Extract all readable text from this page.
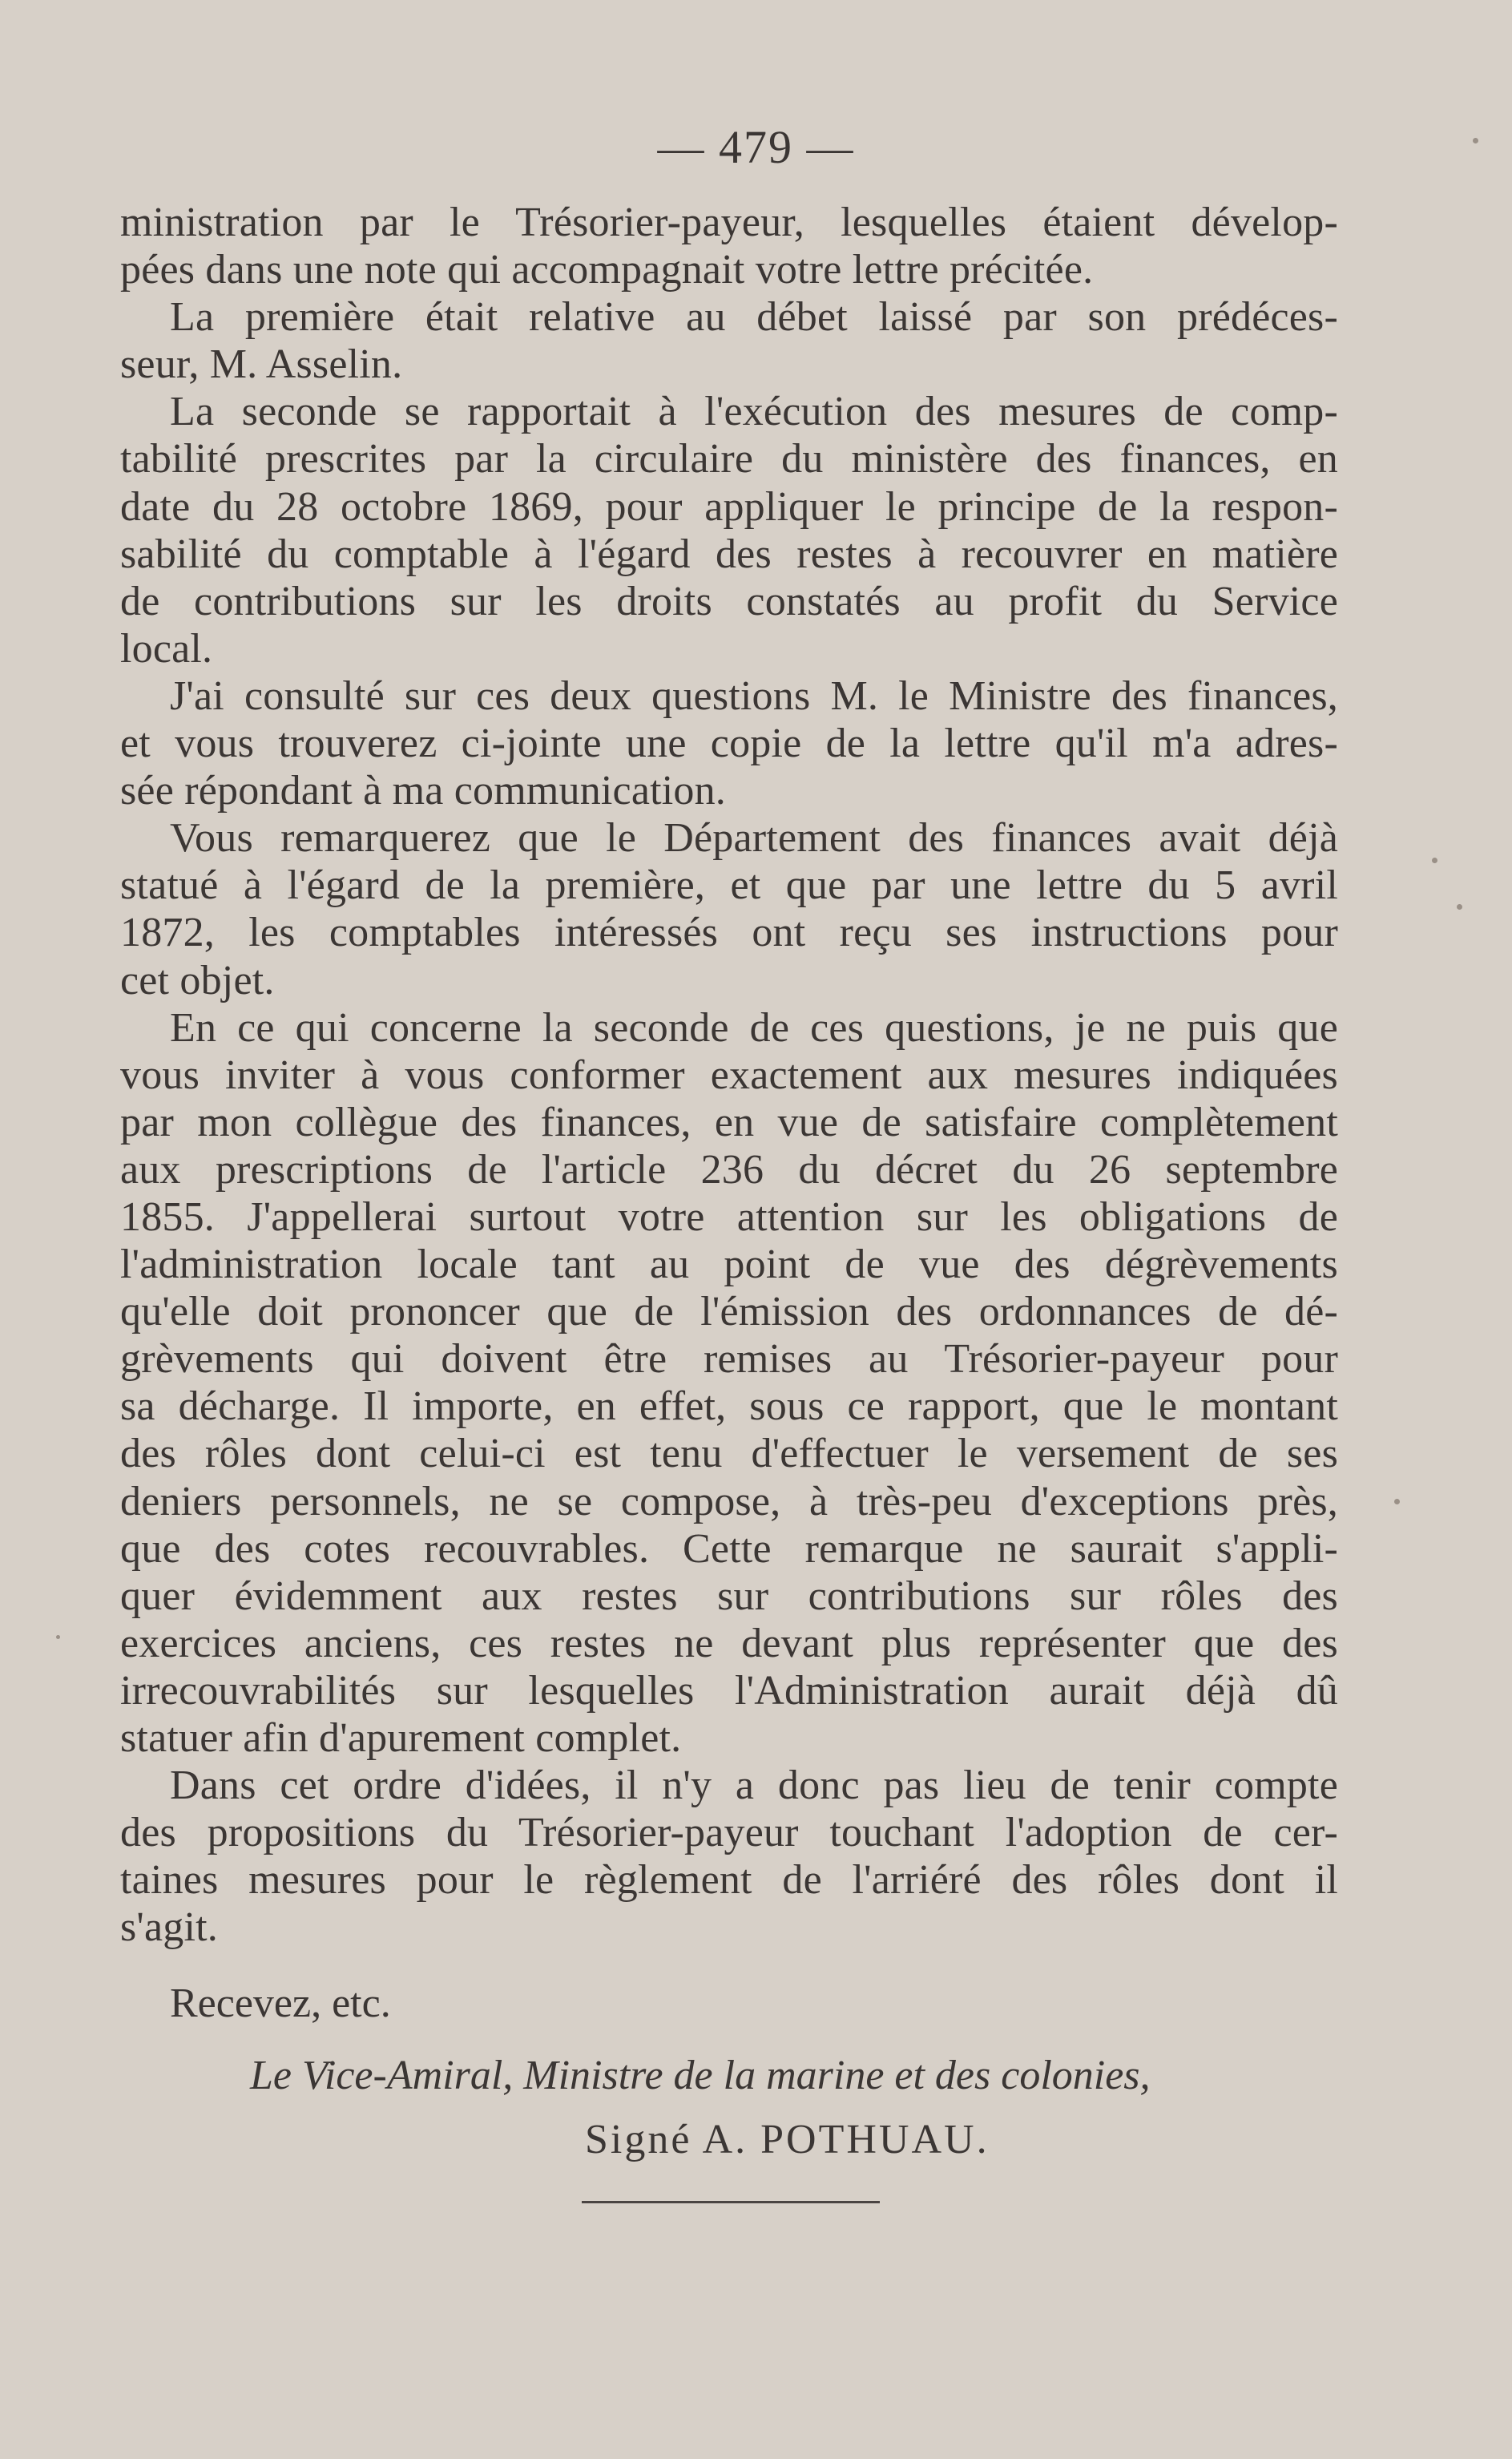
— 479 —
ministration par le Trésorier-payeur, lesquelles étaient dévelop-
pées dans une note qui accompagnait votre lettre précitée.
La première était relative au débet laissé par son prédéces-
seur, M. Asselin.
La seconde se rapportait à l'exécution des mesures de comp-
tabilité prescrites par la circulaire du ministère des finances, en
date du 28 octobre 1869, pour appliquer le principe de la respon-
sabilité du comptable à l'égard des restes à recouvrer en matière
de contributions sur les droits constatés au profit du Service
local.
J'ai consulté sur ces deux questions M. le Ministre des finances,
et vous trouverez ci-jointe une copie de la lettre qu'il m'a adres-
sée répondant à ma communication.
Vous remarquerez que le Département des finances avait déjà
statué à l'égard de la première, et que par une lettre du 5 avril
1872, les comptables intéressés ont reçu ses instructions pour
cet objet.
En ce qui concerne la seconde de ces questions, je ne puis que
vous inviter à vous conformer exactement aux mesures indiquées
par mon collègue des finances, en vue de satisfaire complètement
aux prescriptions de l'article 236 du décret du 26 septembre
1855. J'appellerai surtout votre attention sur les obligations de
l'administration locale tant au point de vue des dégrèvements
qu'elle doit prononcer que de l'émission des ordonnances de dé-
grèvements qui doivent être remises au Trésorier-payeur pour
sa décharge. Il importe, en effet, sous ce rapport, que le montant
des rôles dont celui-ci est tenu d'effectuer le versement de ses
deniers personnels, ne se compose, à très-peu d'exceptions près,
que des cotes recouvrables. Cette remarque ne saurait s'appli-
quer évidemment aux restes sur contributions sur rôles des
exercices anciens, ces restes ne devant plus représenter que des
irrecouvrabilités sur lesquelles l'Administration aurait déjà dû
statuer afin d'apurement complet.
Dans cet ordre d'idées, il n'y a donc pas lieu de tenir compte
des propositions du Trésorier-payeur touchant l'adoption de cer-
taines mesures pour le règlement de l'arriéré des rôles dont il
s'agit.
Recevez, etc.
Le Vice-Amiral, Ministre de la marine et des colonies,
Signé A. POTHUAU.
